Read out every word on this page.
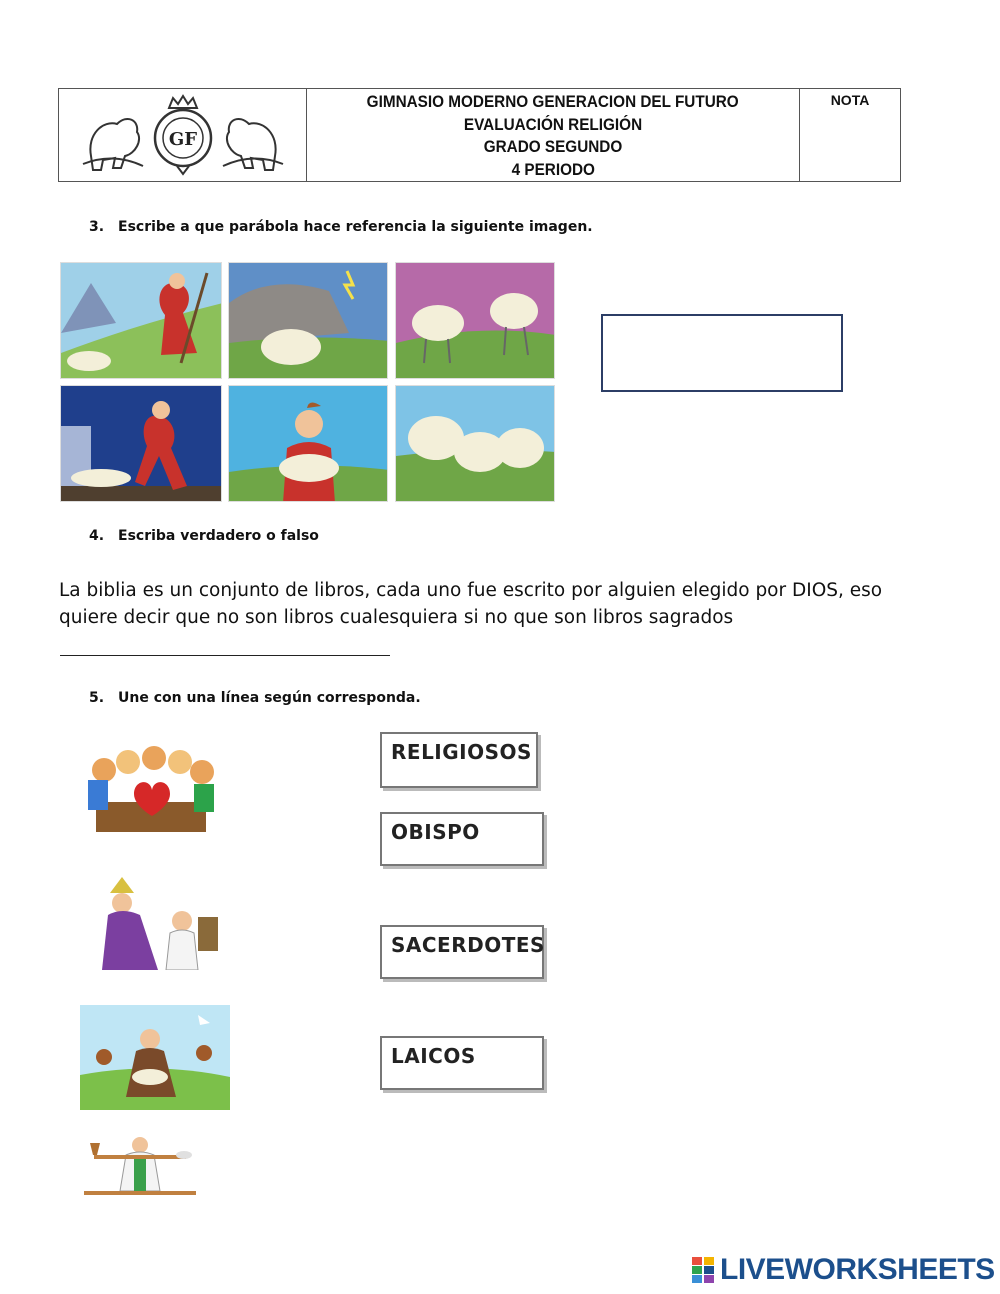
GF
GIMNASIO MODERNO GENERACION DEL FUTURO
EVALUACIÓN RELIGIÓN
GRADO SEGUNDO
4 PERIODO
NOTA
3. Escribe a que parábola hace referencia la siguiente imagen.
4. Escriba verdadero o falso
La biblia es un conjunto de libros, cada uno fue escrito por alguien elegido por DIOS, eso quiere decir que no son libros cualesquiera si no que son libros sagrados
5. Une con una línea según corresponda.
RELIGIOSOS
OBISPO
SACERDOTES
LAICOS
LIVEWORKSHEETS
